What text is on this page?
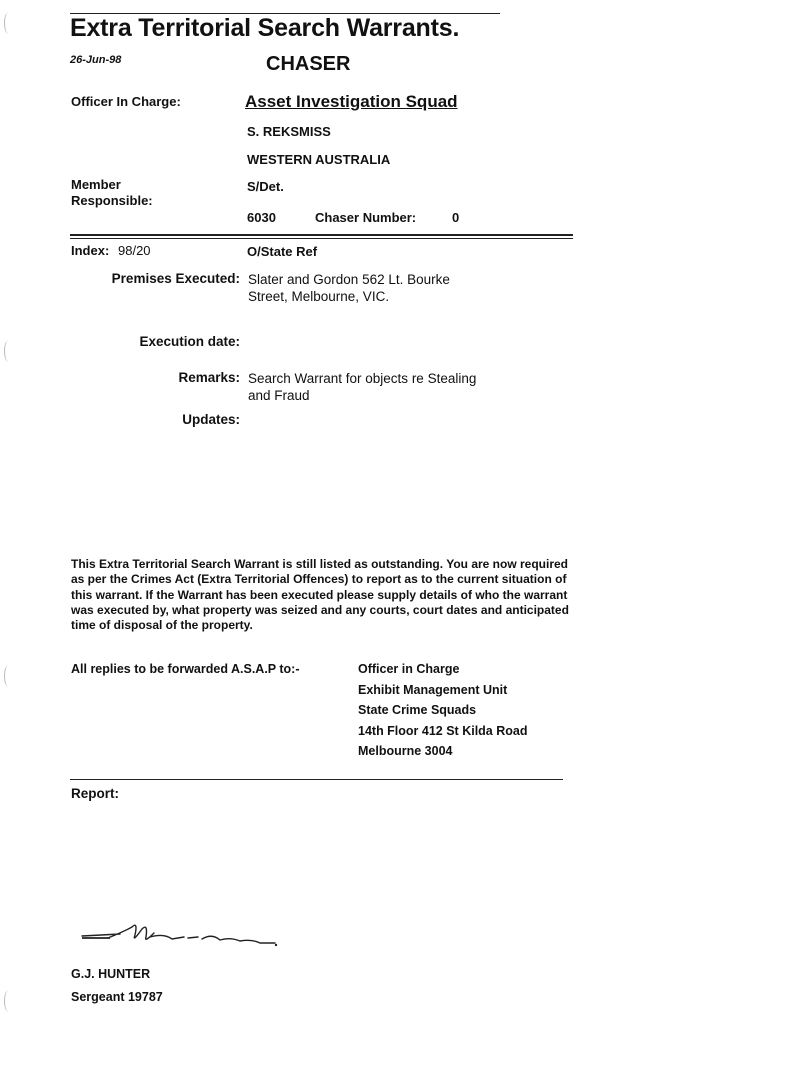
Extra Territorial Search Warrants.
26-Jun-98	CHASER
Officer In Charge:	Asset Investigation Squad
S. REKSMISS
WESTERN AUSTRALIA
Member
Responsible:
S/Det.
6030	Chaser Number:	0
Index: 98/20	O/State Ref
Premises Executed: Slater and Gordon 562 Lt. Bourke
Street, Melbourne, VIC.
Execution date:
Remarks: Search Warrant for objects re Stealing
and Fraud
Updates:
This Extra Territorial Search Warrant is still listed as outstanding. You are now required
as per the Crimes Act (Extra Territorial Offences) to report as to the current situation of
this warrant. If the Warrant has been executed please supply details of who the warrant
was executed by, what property was seized and any courts, court dates and anticipated
time of disposal of the property.
All replies to be forwarded A.S.A.P to:-	Officer in Charge
Exhibit Management Unit
State Crime Squads
14th Floor 412 St Kilda Road
Melbourne 3004
Report:
G.J. HUNTER
Sergeant 19787
